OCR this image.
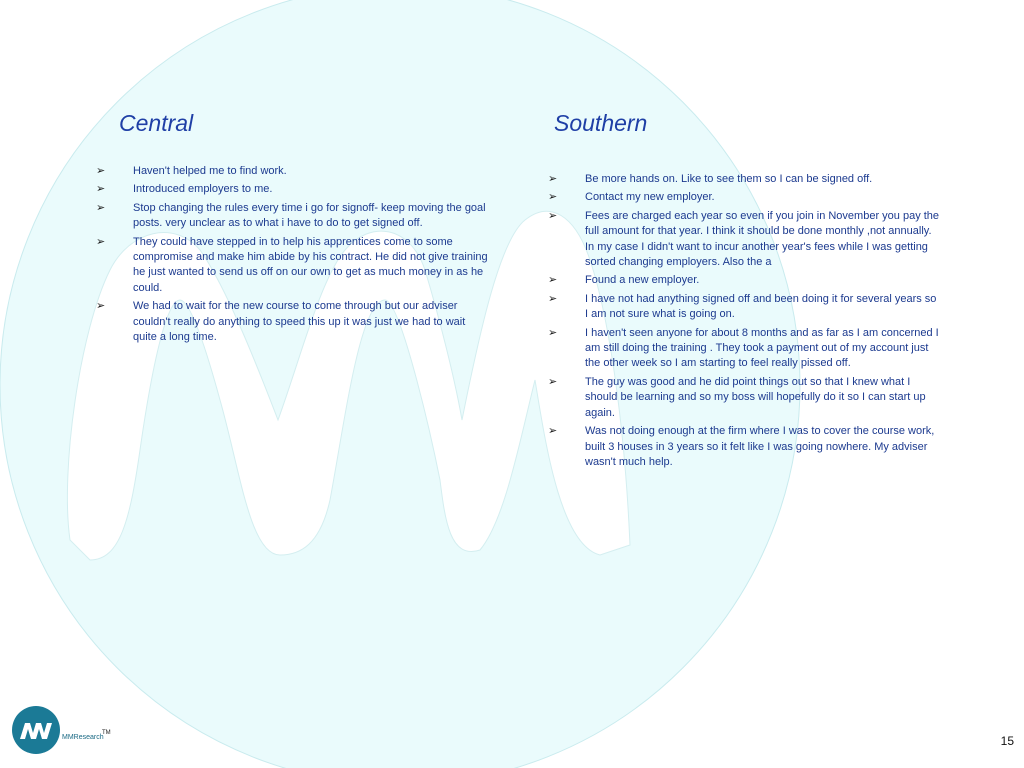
Central
➢	Haven't helped me to find work.
➢	Introduced employers to me.
➢	Stop changing the rules every time i go for signoff- keep moving the goal posts. very unclear as to what i have to do to get signed off.
➢	They could have stepped in to help his apprentices come to some compromise and make him abide by his contract. He did not give training he just wanted to send us off on our own to get as much money in as he could.
➢	We had to wait for the new course to come through but our adviser couldn't really do anything to speed this up it was just we had to wait quite a long time.
Southern
➢	Be more hands on. Like to see them so I can be signed off.
➢	Contact my new employer.
➢	Fees are charged each year so even if you join in November you pay the full amount for that year. I think it should be done monthly ,not annually. In my case I didn't want to incur another year's fees while I was getting sorted changing employers. Also the a
➢	Found a new employer.
➢	I have not had anything signed off and been doing it for several years so I am not sure what is going on.
➢	I haven't seen anyone for about 8 months and as far as I am concerned I am still doing the training . They took a payment out of my account just the other week so I am starting to feel really pissed off.
➢	The guy was good and he did point things out so that I knew what I should be learning and so my boss will hopefully do it so I can start up again.
➢	Was not doing enough at the firm where I was to cover the course work, built 3 houses in 3 years so it felt like I was going nowhere. My adviser wasn't much help.
MMResearch
TM
15
